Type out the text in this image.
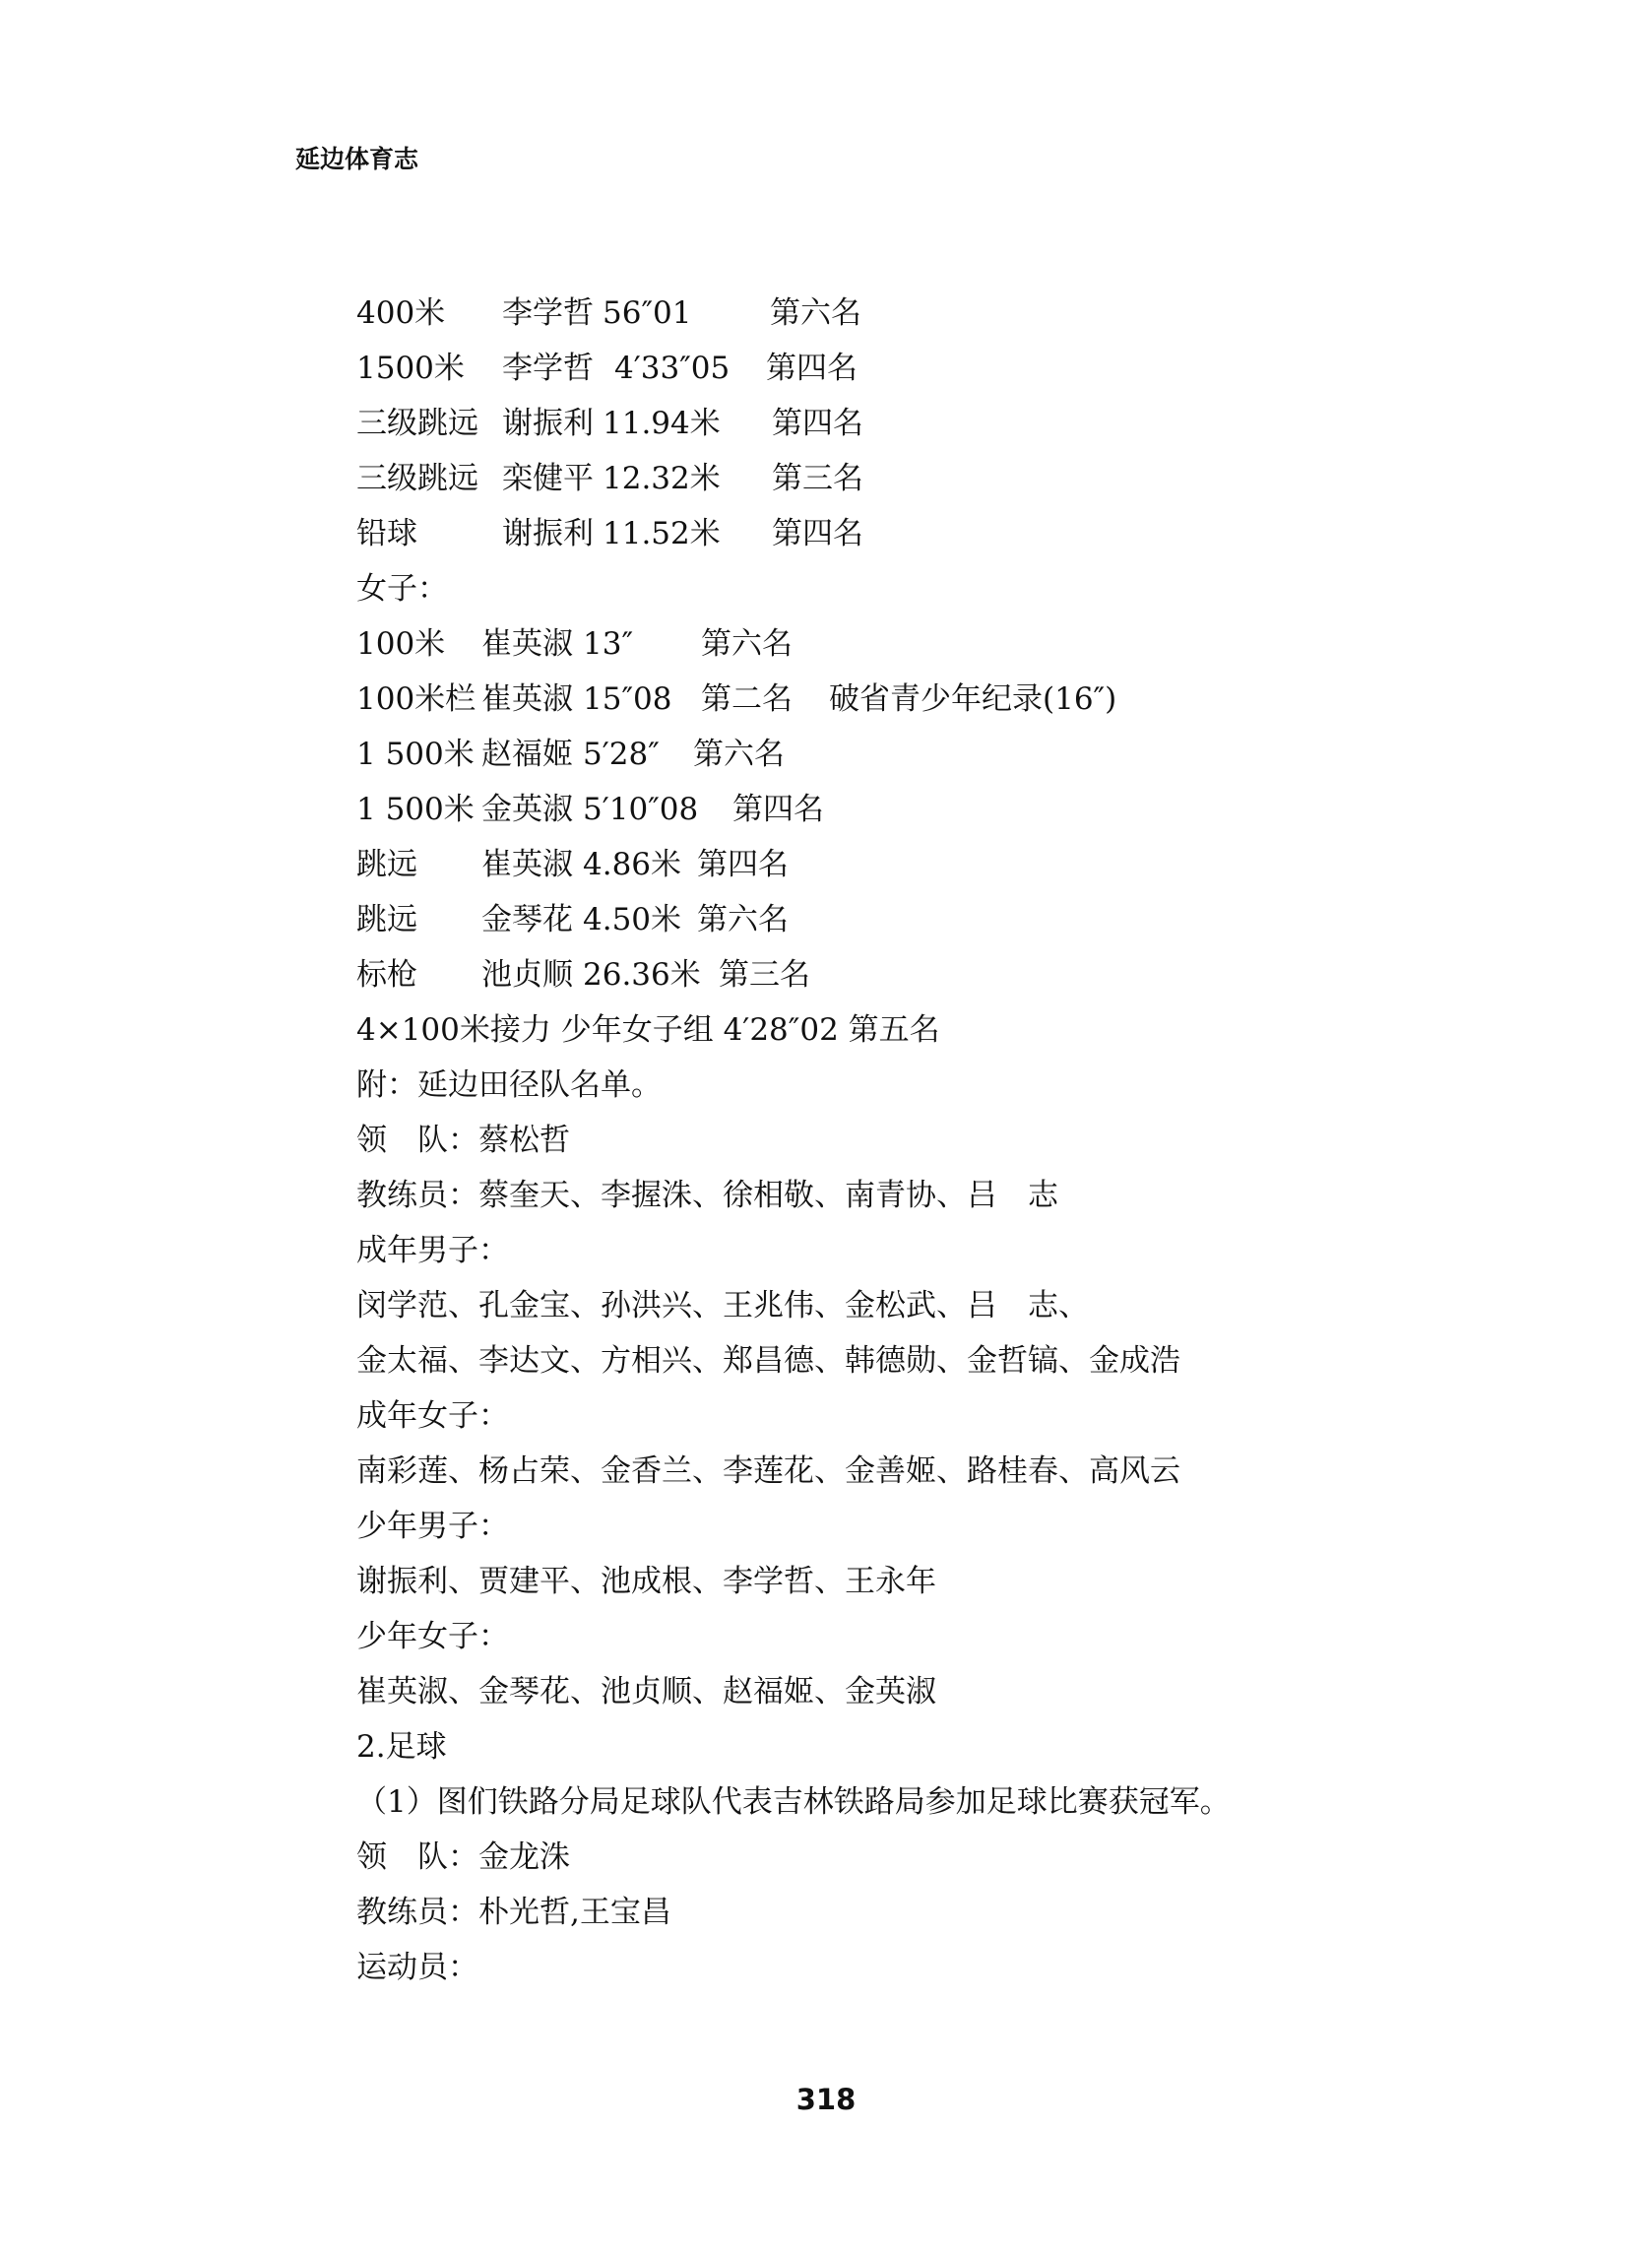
延边体育志
400米 李学哲 56″01	第六名
1500米 李学哲 4′33″05 第四名
三级跳远 谢振利 11.94米 第四名
三级跳远 栾健平 12.32米 第三名
铅球	谢振利 11.52米 第四名
女子：
100米 崔英淑 13″ 第六名
100米栏 崔英淑 15″08 第二名 破省青少年纪录(16″)
1 500米 赵福姬 5′28″ 第六名
1 500米 金英淑 5′10″08 第四名
跳远 崔英淑 4.86米 第四名
跳远 金琴花 4.50米 第六名
标枪 池贞顺 26.36米 第三名
4×100米接力 少年女子组 4′28″02 第五名
附：延边田径队名单。
领　队：蔡松哲
教练员：蔡奎天、李握洙、徐相敬、南青协、吕　志
成年男子：
闵学范、孔金宝、孙洪兴、王兆伟、金松武、吕　志、
金太福、李达文、方相兴、郑昌德、韩德勋、金哲镐、金成浩
成年女子：
南彩莲、杨占荣、金香兰、李莲花、金善姬、路桂春、高风云
少年男子：
谢振利、贾建平、池成根、李学哲、王永年
少年女子：
崔英淑、金琴花、池贞顺、赵福姬、金英淑
2.足球
（1）图们铁路分局足球队代表吉林铁路局参加足球比赛获冠军。
领　队：金龙洙
教练员：朴光哲,王宝昌
运动员：
318
